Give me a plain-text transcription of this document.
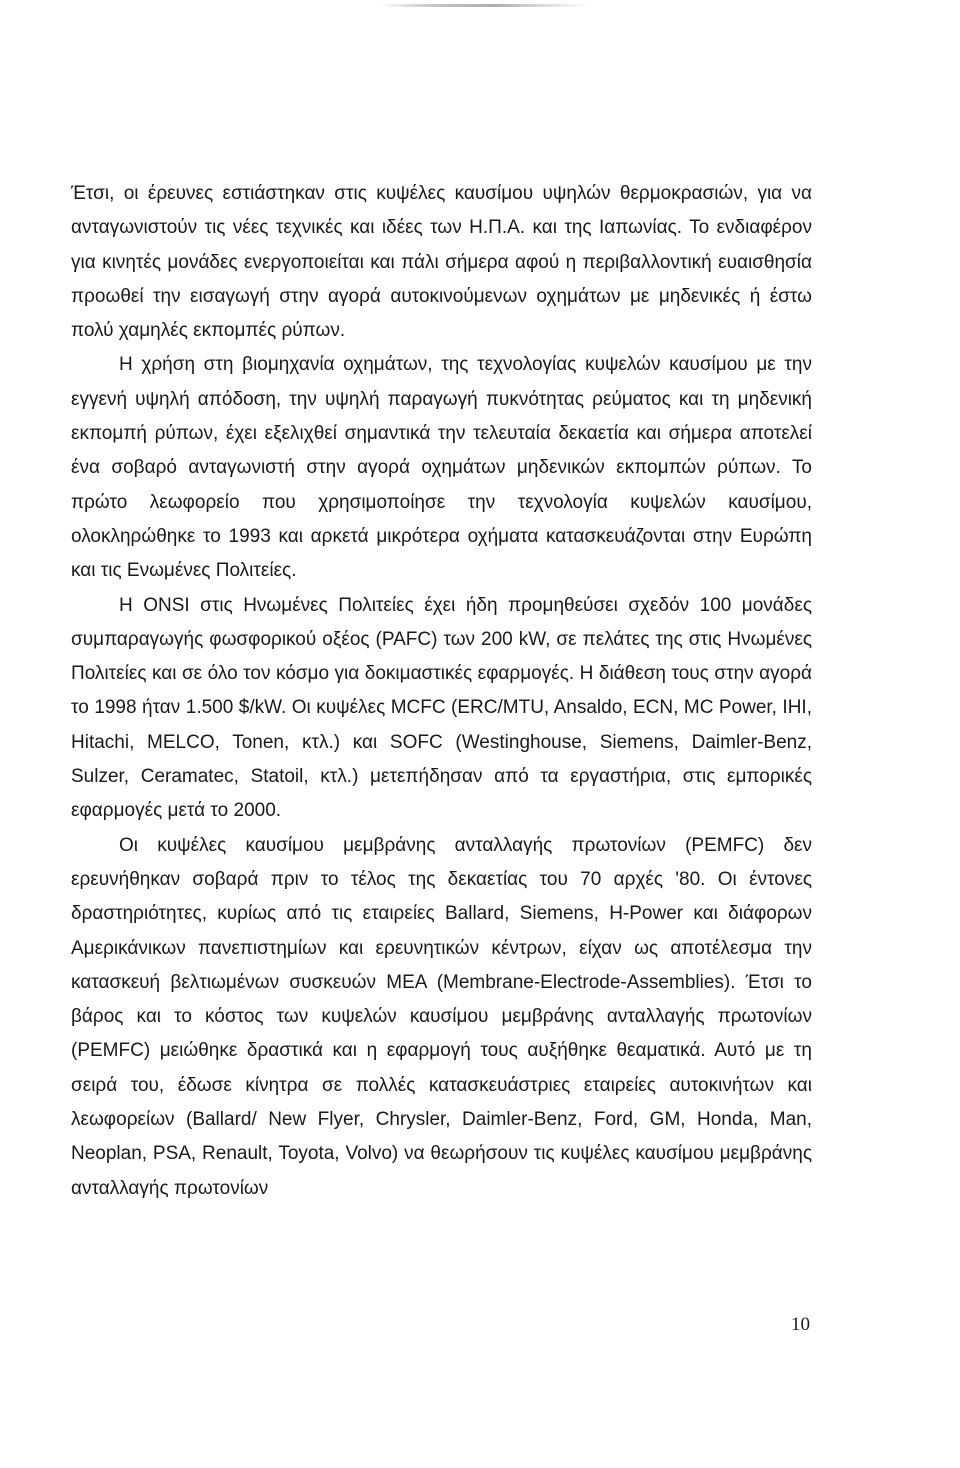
Έτσι, οι έρευνες εστιάστηκαν στις κυψέλες καυσίμου υψηλών θερμοκρασιών, για να ανταγωνιστούν τις νέες τεχνικές και ιδέες των Η.Π.Α. και της Ιαπωνίας. Το ενδιαφέρον για κινητές μονάδες ενεργοποιείται και πάλι σήμερα αφού η περιβαλλοντική ευαισθησία προωθεί την εισαγωγή στην αγορά αυτοκινούμενων οχημάτων με μηδενικές ή έστω πολύ χαμηλές εκπομπές ρύπων.

Η χρήση στη βιομηχανία οχημάτων, της τεχνολογίας κυψελών καυσίμου με την εγγενή υψηλή απόδοση, την υψηλή παραγωγή πυκνότητας ρεύματος και τη μηδενική εκπομπή ρύπων, έχει εξελιχθεί σημαντικά την τελευταία δεκαετία και σήμερα αποτελεί ένα σοβαρό ανταγωνιστή στην αγορά οχημάτων μηδενικών εκπομπών ρύπων. Το πρώτο λεωφορείο που χρησιμοποίησε την τεχνολογία κυψελών καυσίμου, ολοκληρώθηκε το 1993 και αρκετά μικρότερα οχήματα κατασκευάζονται στην Ευρώπη και τις Ενωμένες Πολιτείες.

Η ONSI στις Ηνωμένες Πολιτείες έχει ήδη προμηθεύσει σχεδόν 100 μονάδες συμπαραγωγής φωσφορικού οξέος (PAFC) των 200 kW, σε πελάτες της στις Ηνωμένες Πολιτείες και σε όλο τον κόσμο για δοκιμαστικές εφαρμογές. Η διάθεση τους στην αγορά το 1998 ήταν 1.500 $/kW. Οι κυψέλες MCFC (ERC/MTU, Ansaldo, ECN, MC Power, IHI, Hitachi, MELCO, Tonen, κτλ.) και SOFC (Westinghouse, Siemens, Daimler-Benz, Sulzer, Ceramatec, Statoil, κτλ.) μετεπήδησαν από τα εργαστήρια, στις εμπορικές εφαρμογές μετά το 2000.

Οι κυψέλες καυσίμου μεμβράνης ανταλλαγής πρωτονίων (PEMFC) δεν ερευνήθηκαν σοβαρά πριν το τέλος της δεκαετίας του 70 αρχές '80. Οι έντονες δραστηριότητες, κυρίως από τις εταιρείες Ballard, Siemens, H-Power και διάφορων Αμερικάνικων πανεπιστημίων και ερευνητικών κέντρων, είχαν ως αποτέλεσμα την κατασκευή βελτιωμένων συσκευών MEA (Membrane-Electrode-Assemblies). Έτσι το βάρος και το κόστος των κυψελών καυσίμου μεμβράνης ανταλλαγής πρωτονίων (PEMFC) μειώθηκε δραστικά και η εφαρμογή τους αυξήθηκε θεαματικά. Αυτό με τη σειρά του, έδωσε κίνητρα σε πολλές κατασκευάστριες εταιρείες αυτοκινήτων και λεωφορείων (Ballard/ New Flyer, Chrysler, Daimler-Benz, Ford, GM, Honda, Man, Neoplan, PSA, Renault, Toyota, Volvo) να θεωρήσουν τις κυψέλες καυσίμου μεμβράνης ανταλλαγής πρωτονίων

10
